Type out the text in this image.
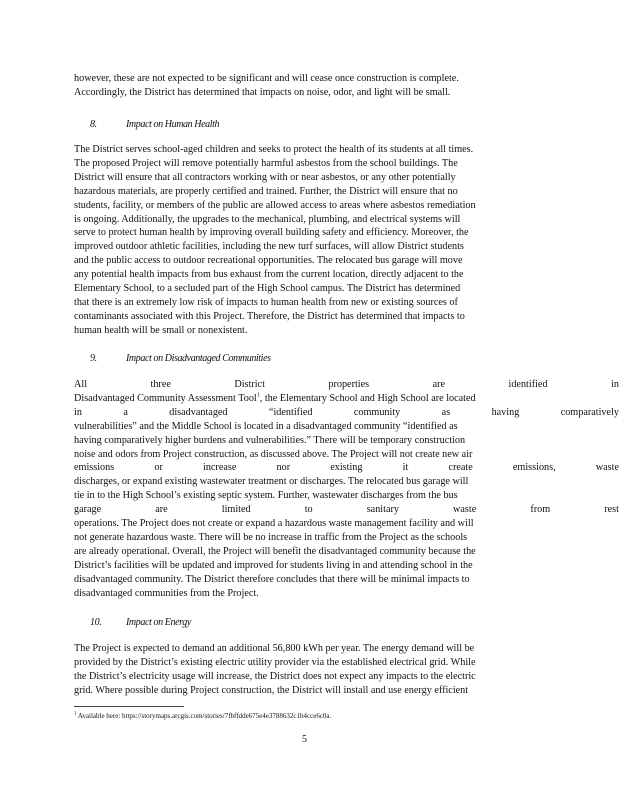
however, these are not expected to be significant and will cease once construction is complete.

Accordingly, the District has determined that impacts on noise, odor, and light will be small.

8.	Impact on Human Health

The District serves school-aged children and seeks to protect the health of its students at all times.

The proposed Project will remove potentially harmful asbestos from the school buildings. The

District will ensure that all contractors working with or near asbestos, or any other potentially

hazardous materials, are properly certified and trained. Further, the District will ensure that no

students, facility, or members of the public are allowed access to areas where asbestos remediation

is ongoing. Additionally, the upgrades to the mechanical, plumbing, and electrical systems will

serve to protect human health by improving overall building safety and efficiency. Moreover, the

improved outdoor athletic facilities, including the new turf surfaces, will allow District students

and the public access to outdoor recreational opportunities. The relocated bus garage will move

any potential health impacts from bus exhaust from the current location, directly adjacent to the

Elementary School, to a secluded part of the High School campus. The District has determined

that there is an extremely low risk of impacts to human health from new or existing sources of

contaminants associated with this Project. Therefore, the District has determined that impacts to

human health will be small or nonexistent.

9.	Impact on Disadvantaged Communities

All	three	District	properties	are	identified	in

Disadvantaged Community Assessment Tool$^1$, the Elementary School and High School are located

in	a	disadvantaged	“identified	community	as	having	comparatively

vulnerabilities” and the Middle School is located in a disadvantaged community “identified as

having comparatively higher burdens and vulnerabilities.” There will be temporary construction

noise and odors from Project construction, as discussed above. The Project will not create new air

emissions	or	increase	nor	existing	it	create	emissions,	waste

discharges, or expand existing wastewater treatment or discharges. The relocated bus garage will

tie in to the High School’s existing septic system. Further, wastewater discharges from the bus

garage	are	limited	to	sanitary	waste	from	rest

operations. The Project does not create or expand a hazardous waste management facility and will

not generate hazardous waste. There will be no increase in traffic from the Project as the schools

are already operational. Overall, the Project will benefit the disadvantaged community because the

District’s facilities will be updated and improved for students living in and attending school in the

disadvantaged community. The District therefore concludes that there will be minimal impacts to

disadvantaged communities from the Project.

10. Impact on Energy

The Project is expected to demand an additional 56,800 kWh per year. The energy demand will be

provided by the District’s existing electric utility provider via the established electrical grid. While

the District’s electricity usage will increase, the District does not expect any impacts to the electric

grid. Where possible during Project construction, the District will install and use energy efficient

$^1$ Available here: https://storymaps.arcgis.com/stories/7fbffdde675e4e3788632c1b4cce6c0a.
5
